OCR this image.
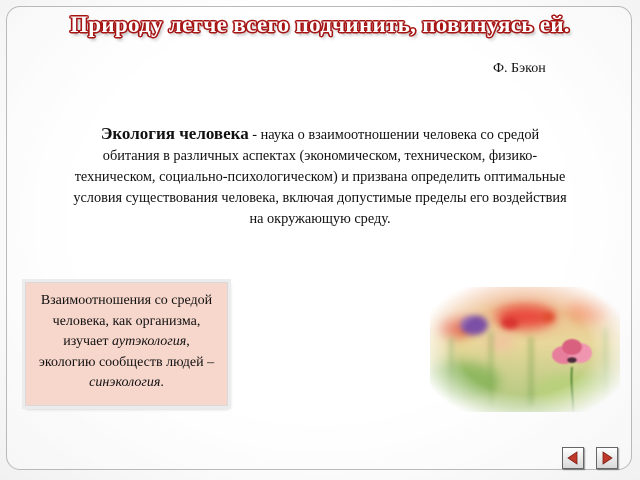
Природу легче всего подчинить, повинуясь ей.
Ф. Бэкон
Экология человека - наука о взаимоотношении человека со средой обитания в различных аспектах (экономическом, техническом, физико-техническом, социально-психологическом) и призвана определить оптимальные условия существования человека, включая допустимые пределы его воздействия на окружающую среду.
Взаимоотношения со средой человека, как организма, изучает аутэкология, экологию сообществ людей – синэкология.
